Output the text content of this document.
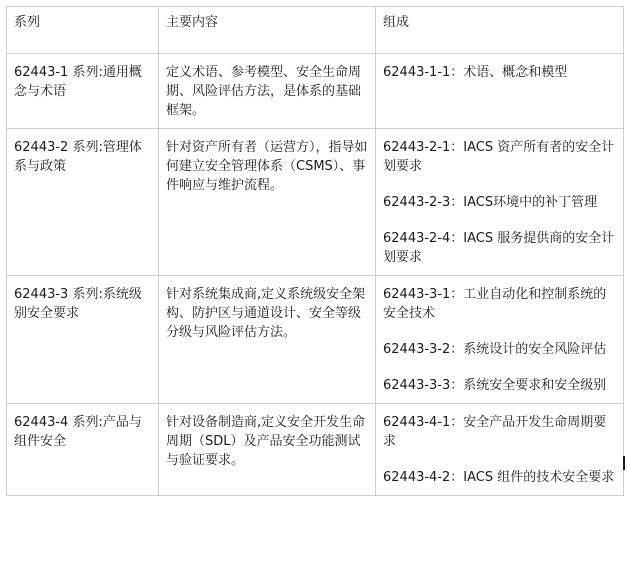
系列	主要内容	组成
62443-1 系列:通用概念与术语	定义术语、参考模型、安全生命周期、风险评估方法，是体系的基础框架。	62443-1-1：术语、概念和模型

62443-2 系列:管理体系与政策	针对资产所有者（运营方），指导如何建立安全管理体系（CSMS）、事件响应与维护流程。	62443-2-1：IACS 资产所有者的安全计划要求
62443-2-3：IACS环境中的补丁管理
62443-2-4：IACS 服务提供商的安全计划要求

62443-3 系列:系统级别安全要求	针对系统集成商,定义系统级安全架构、防护区与通道设计、安全等级分级与风险评估方法。	62443-3-1：工业自动化和控制系统的安全技术
62443-3-2：系统设计的安全风险评估
62443-3-3：系统安全要求和安全级别

62443-4 系列:产品与组件安全	针对设备制造商,定义安全开发生命周期（SDL）及产品安全功能测试与验证要求。	62443-4-1：安全产品开发生命周期要求
62443-4-2：IACS 组件的技术安全要求
